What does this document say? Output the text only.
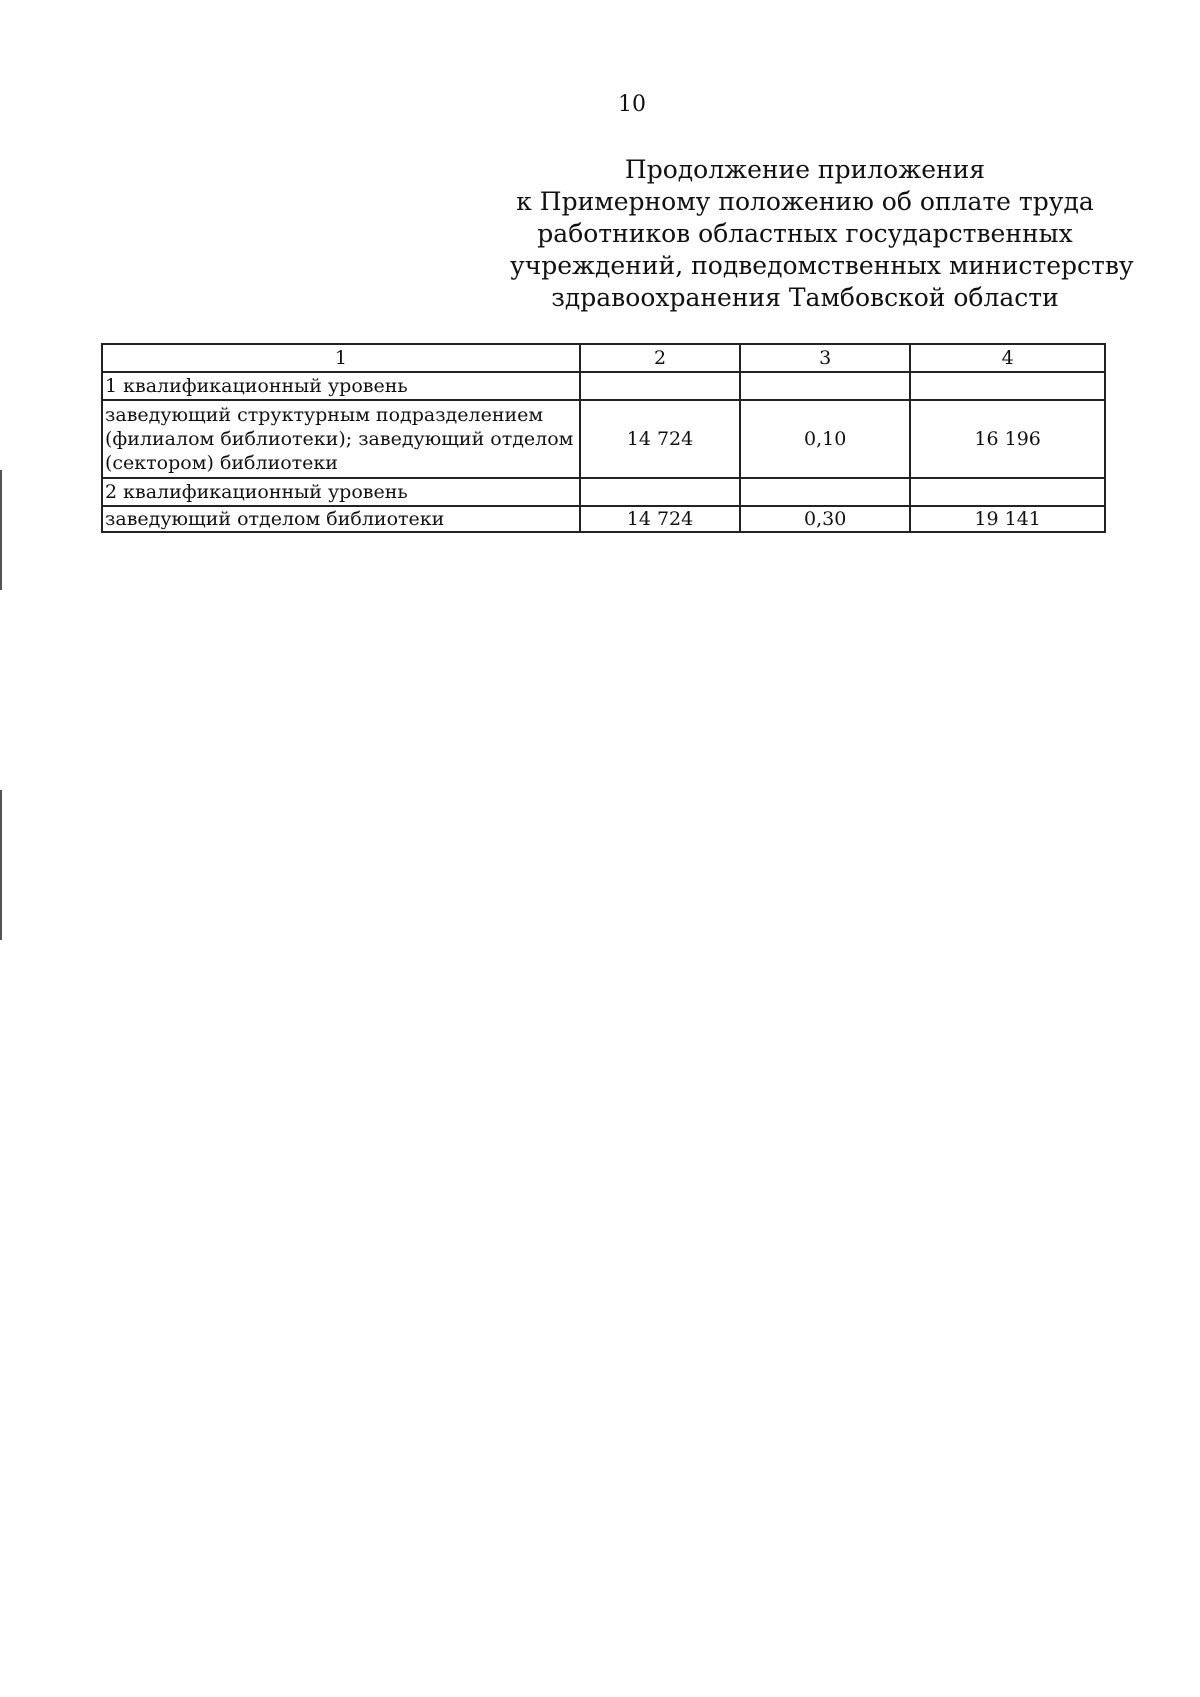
10
Продолжение приложения
к Примерному положению об оплате труда
работников областных государственных
учреждений, подведомственных министерству
здравоохранения Тамбовской области
1	2	3	4
1 квалификационный уровень			
заведующий структурным подразделением (филиалом библиотеки); заведующий отделом (сектором) библиотеки	14 724	0,10	16 196
2 квалификационный уровень			
заведующий отделом библиотеки	14 724	0,30	19 141
